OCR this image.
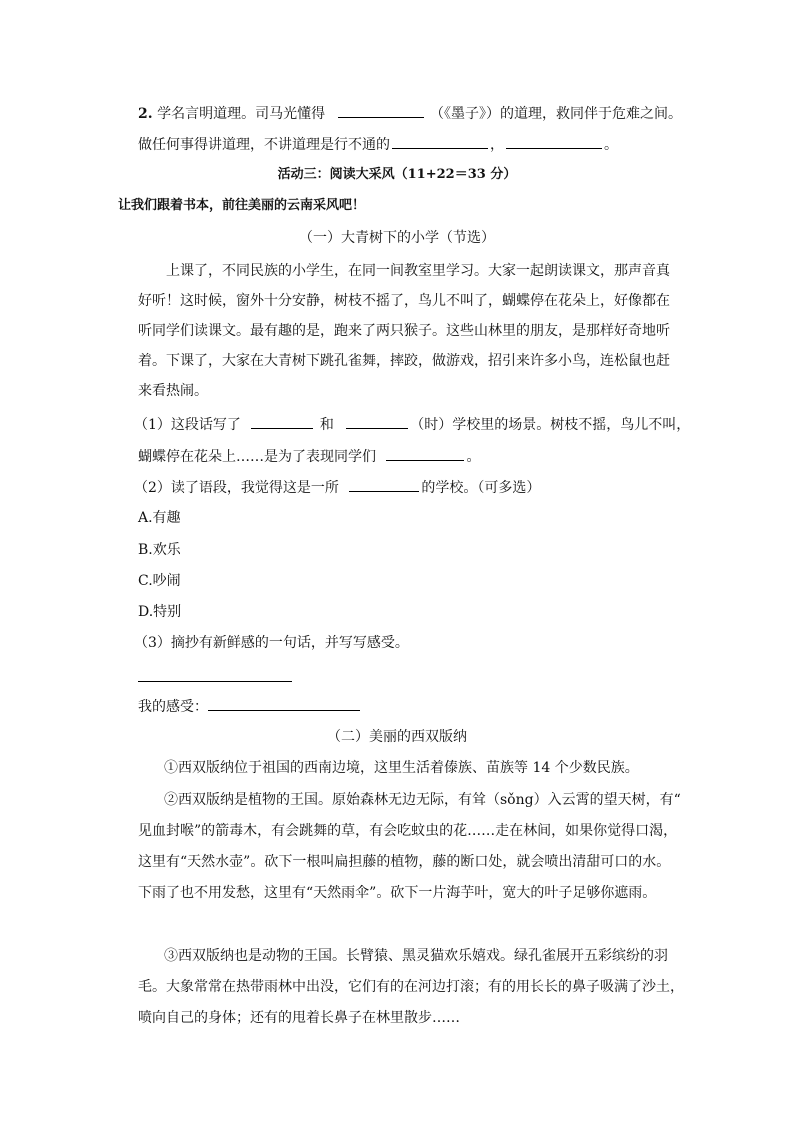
2. 学名言明道理。司马光懂得	（《墨子》）的道理，救同伴于危难之间。
做任何事得讲道理，不讲道理是行不通的	，	。
活动三：阅读大采风（11+22＝33 分）
让我们跟着书本，前往美丽的云南采风吧！
（一）大青树下的小学（节选）
上课了，不同民族的小学生，在同一间教室里学习。大家一起朗读课文，那声音真
好听！这时候，窗外十分安静，树枝不摇了，鸟儿不叫了，蝴蝶停在花朵上，好像都在
听同学们读课文。最有趣的是，跑来了两只猴子。这些山林里的朋友，是那样好奇地听
着。下课了，大家在大青树下跳孔雀舞，摔跤，做游戏，招引来许多小鸟，连松鼠也赶
来看热闹。
（1）这段话写了	和	（时）学校里的场景。树枝不摇，鸟儿不叫，
蝴蝶停在花朵上……是为了表现同学们	。
（2）读了语段，我觉得这是一所	的学校。（可多选）
A.有趣
B.欢乐
C.吵闹
D.特别
（3）摘抄有新鲜感的一句话，并写写感受。
我的感受：
（二）美丽的西双版纳
①西双版纳位于祖国的西南边境，这里生活着傣族、苗族等 14 个少数民族。
②西双版纳是植物的王国。原始森林无边无际，有耸（sǒng）入云霄的望天树，有“
见血封喉”的箭毒木，有会跳舞的草，有会吃蚊虫的花……走在林间，如果你觉得口渴，
这里有“天然水壶”。砍下一根叫扁担藤的植物，藤的断口处，就会喷出清甜可口的水。
下雨了也不用发愁，这里有“天然雨伞”。砍下一片海芋叶，宽大的叶子足够你遮雨。
③西双版纳也是动物的王国。长臂猿、黑灵猫欢乐嬉戏。绿孔雀展开五彩缤纷的羽
毛。大象常常在热带雨林中出没，它们有的在河边打滚；有的用长长的鼻子吸满了沙土，
喷向自己的身体；还有的甩着长鼻子在林里散步……
